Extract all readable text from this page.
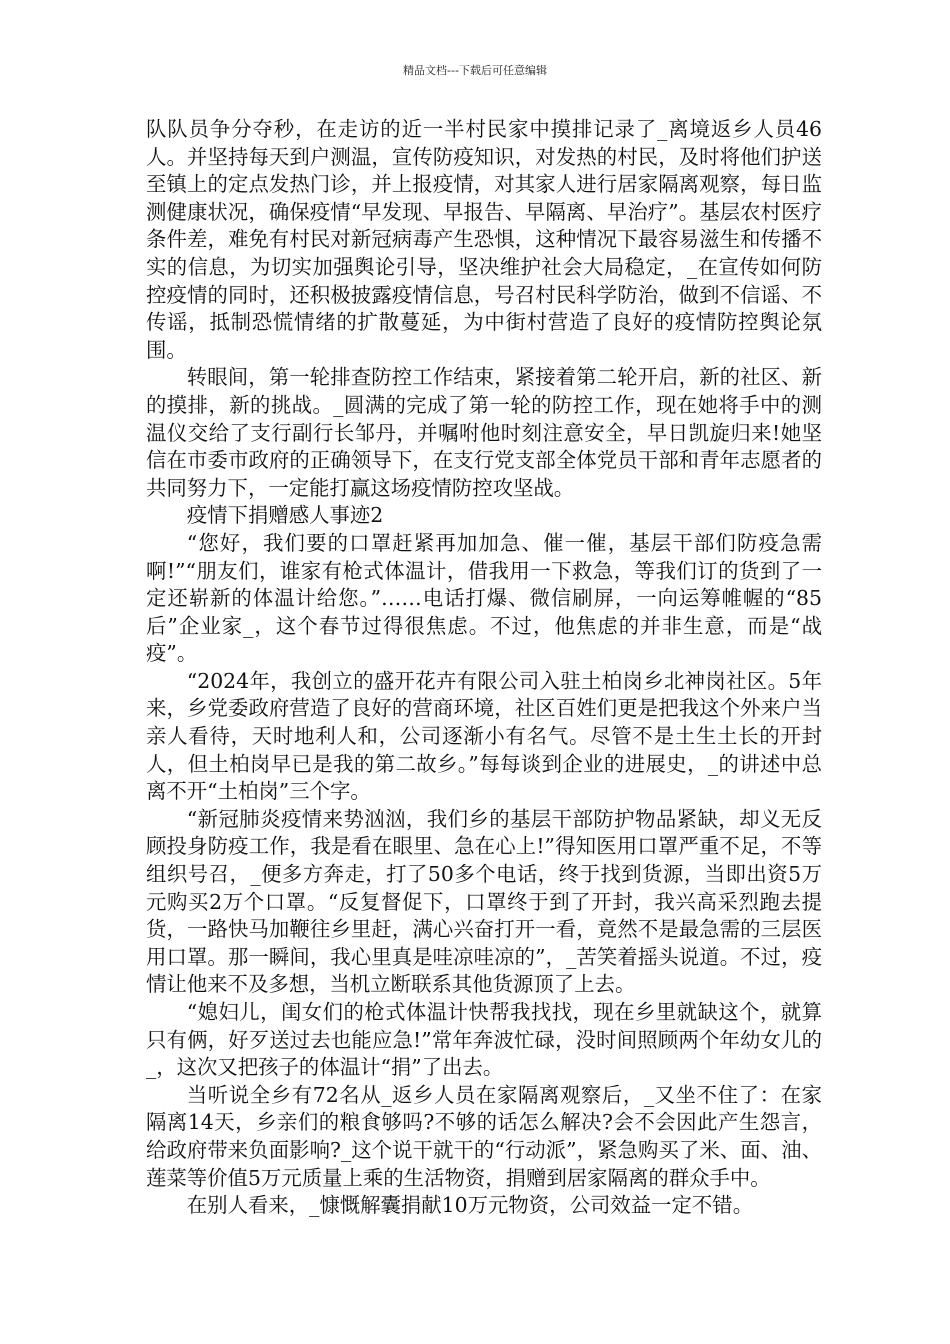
精品文档---下载后可任意编辑

队队员争分夺秒，在走访的近一半村民家中摸排记录了_离境返乡人员46人。并坚持每天到户测温，宣传防疫知识，对发热的村民，及时将他们护送至镇上的定点发热门诊，并上报疫情，对其家人进行居家隔离观察，每日监测健康状况，确保疫情“早发现、早报告、早隔离、早治疗”。基层农村医疗条件差，难免有村民对新冠病毒产生恐惧，这种情况下最容易滋生和传播不实的信息，为切实加强舆论引导，坚决维护社会大局稳定，_在宣传如何防控疫情的同时，还积极披露疫情信息，号召村民科学防治，做到不信谣、不传谣，抵制恐慌情绪的扩散蔓延，为中街村营造了良好的疫情防控舆论氛围。

转眼间，第一轮排查防控工作结束，紧接着第二轮开启，新的社区、新的摸排，新的挑战。_圆满的完成了第一轮的防控工作，现在她将手中的测温仪交给了支行副行长邹丹，并嘱咐他时刻注意安全，早日凯旋归来!她坚信在市委市政府的正确领导下，在支行党支部全体党员干部和青年志愿者的共同努力下，一定能打赢这场疫情防控攻坚战。

疫情下捐赠感人事迹2

“您好，我们要的口罩赶紧再加加急、催一催，基层干部们防疫急需啊!”“朋友们，谁家有枪式体温计，借我用一下救急，等我们订的货到了一定还崭新的体温计给您。”……电话打爆、微信刷屏，一向运筹帷幄的“85后”企业家_，这个春节过得很焦虑。不过，他焦虑的并非生意，而是“战疫”。

“2024年，我创立的盛开花卉有限公司入驻土柏岗乡北神岗社区。5年来，乡党委政府营造了良好的营商环境，社区百姓们更是把我这个外来户当亲人看待，天时地利人和，公司逐渐小有名气。尽管不是土生土长的开封人，但土柏岗早已是我的第二故乡。”每每谈到企业的进展史，_的讲述中总离不开“土柏岗”三个字。

“新冠肺炎疫情来势汹汹，我们乡的基层干部防护物品紧缺，却义无反顾投身防疫工作，我是看在眼里、急在心上!”得知医用口罩严重不足，不等组织号召，_便多方奔走，打了50多个电话，终于找到货源，当即出资5万元购买2万个口罩。“反复督促下，口罩终于到了开封，我兴高采烈跑去提货，一路快马加鞭往乡里赶，满心兴奋打开一看，竟然不是最急需的三层医用口罩。那一瞬间，我心里真是哇凉哇凉的”，_苦笑着摇头说道。不过，疫情让他来不及多想，当机立断联系其他货源顶了上去。

“媳妇儿，闺女们的枪式体温计快帮我找找，现在乡里就缺这个，就算只有俩，好歹送过去也能应急!”常年奔波忙碌，没时间照顾两个年幼女儿的_，这次又把孩子的体温计“捐”了出去。

当听说全乡有72名从_返乡人员在家隔离观察后，_又坐不住了：在家隔离14天，乡亲们的粮食够吗?不够的话怎么解决?会不会因此产生怨言，给政府带来负面影响?_这个说干就干的“行动派”，紧急购买了米、面、油、莲菜等价值5万元质量上乘的生活物资，捐赠到居家隔离的群众手中。

在别人看来，_慷慨解囊捐献10万元物资，公司效益一定不错。
